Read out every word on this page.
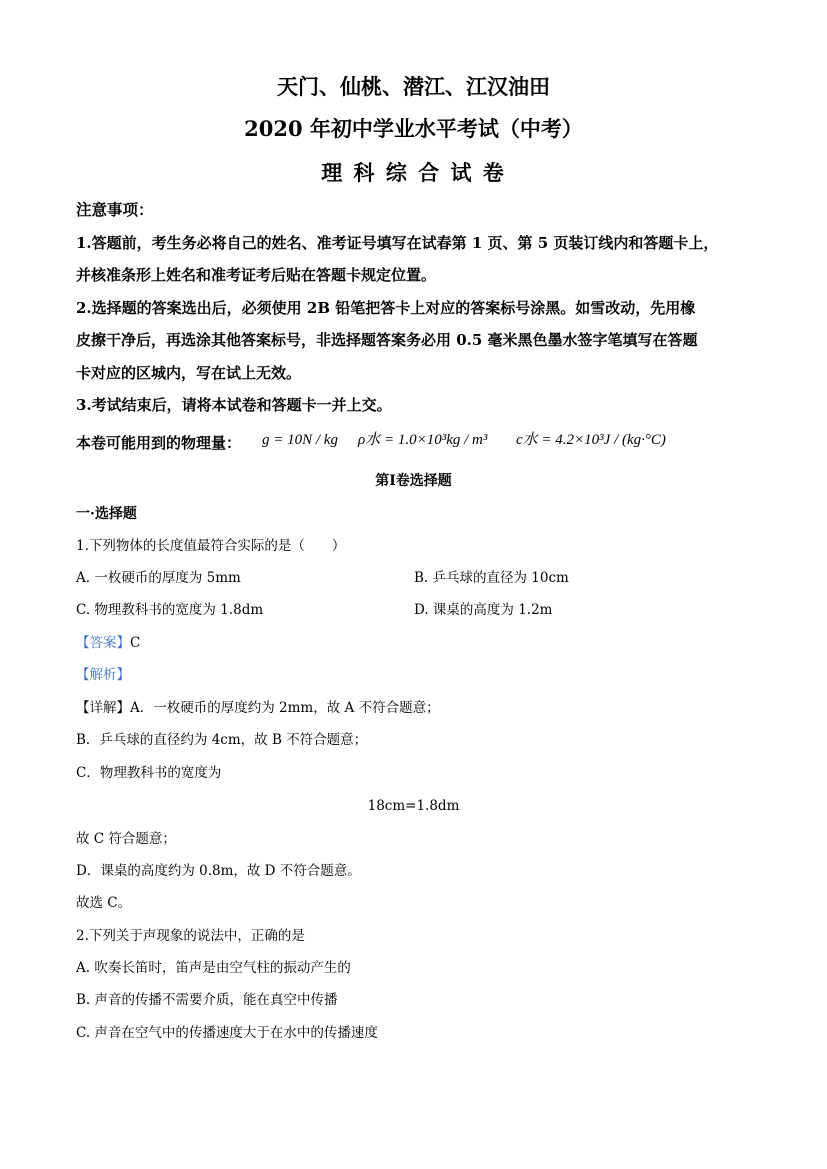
天门、仙桃、潜江、江汉油田
2020 年初中学业水平考试（中考）
理 科 综 合 试 卷
注意事项：
1.答题前，考生务必将自己的姓名、准考证号填写在试春第 1 页、第 5 页装订线内和答题卡上，
并核准条形上姓名和准考证考后贴在答题卡规定位置。
2.选择题的答案选出后，必须使用 2B 铅笔把答卡上对应的答案标号涂黑。如雪改动，先用橡
皮擦干净后，再选涂其他答案标号，非选择题答案务必用 0.5 毫米黑色墨水签字笔填写在答题
卡对应的区城内，写在试上无效。
3.考试结束后，请将本试卷和答题卡一并上交。
本卷可能用到的物理量： g = 10N / kg ρ水 = 1.0×10³kg / m³ c水 = 4.2×10³J / (kg·°C)
第Ⅰ卷选择题
一·选择题
1.下列物体的长度值最符合实际的是（　　）
A. 一枚硬币的厚度为 5mm	B. 乒乓球的直径为 10cm
C. 物理教科书的宽度为 1.8dm	D. 课桌的高度为 1.2m
【答案】C
【解析】
【详解】A．一枚硬币的厚度约为 2mm，故 A 不符合题意；
B．乒乓球的直径约为 4cm，故 B 不符合题意；
C．物理教科书的宽度为
18cm=1.8dm
故 C 符合题意；
D．课桌的高度约为 0.8m，故 D 不符合题意。
故选 C。
2.下列关于声现象的说法中，正确的是
A. 吹奏长笛时，笛声是由空气柱的振动产生的
B. 声音的传播不需要介质，能在真空中传播
C. 声音在空气中的传播速度大于在水中的传播速度
